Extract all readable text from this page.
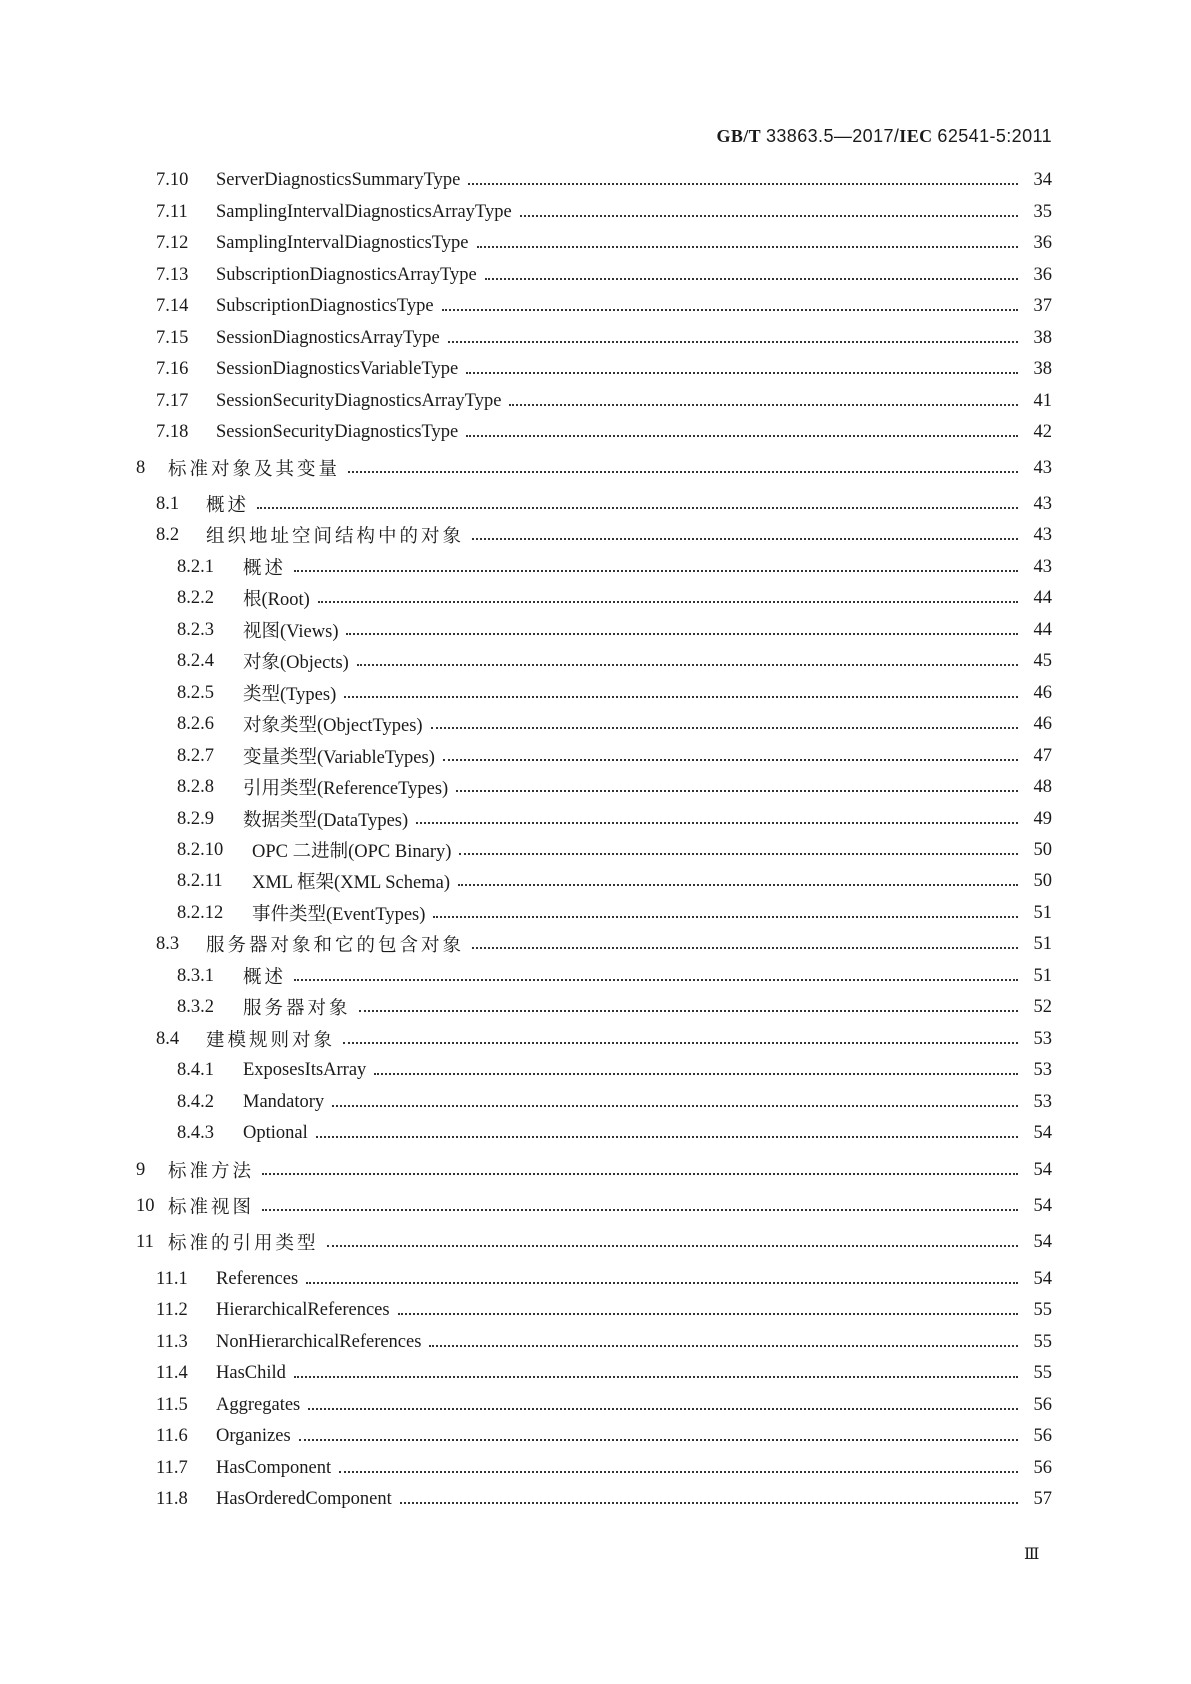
GB/T 33863.5—2017/IEC 62541-5:2011
7.10	ServerDiagnosticsSummaryType	34
7.11	SamplingIntervalDiagnosticsArrayType	35
7.12	SamplingIntervalDiagnosticsType	36
7.13	SubscriptionDiagnosticsArrayType	36
7.14	SubscriptionDiagnosticsType	37
7.15	SessionDiagnosticsArrayType	38
7.16	SessionDiagnosticsVariableType	38
7.17	SessionSecurityDiagnosticsArrayType	41
7.18	SessionSecurityDiagnosticsType	42
8	标准对象及其变量	43
8.1	概述	43
8.2	组织地址空间结构中的对象	43
8.2.1	概述	43
8.2.2	根(Root)	44
8.2.3	视图(Views)	44
8.2.4	对象(Objects)	45
8.2.5	类型(Types)	46
8.2.6	对象类型(ObjectTypes)	46
8.2.7	变量类型(VariableTypes)	47
8.2.8	引用类型(ReferenceTypes)	48
8.2.9	数据类型(DataTypes)	49
8.2.10	OPC 二进制(OPC Binary)	50
8.2.11	XML 框架(XML Schema)	50
8.2.12	事件类型(EventTypes)	51
8.3	服务器对象和它的包含对象	51
8.3.1	概述	51
8.3.2	服务器对象	52
8.4	建模规则对象	53
8.4.1	ExposesItsArray	53
8.4.2	Mandatory	53
8.4.3	Optional	54
9	标准方法	54
10 标准视图	54
11 标准的引用类型	54
11.1	References	54
11.2	HierarchicalReferences	55
11.3	NonHierarchicalReferences	55
11.4	HasChild	55
11.5	Aggregates	56
11.6	Organizes	56
11.7	HasComponent	56
11.8	HasOrderedComponent	57
Ⅲ
